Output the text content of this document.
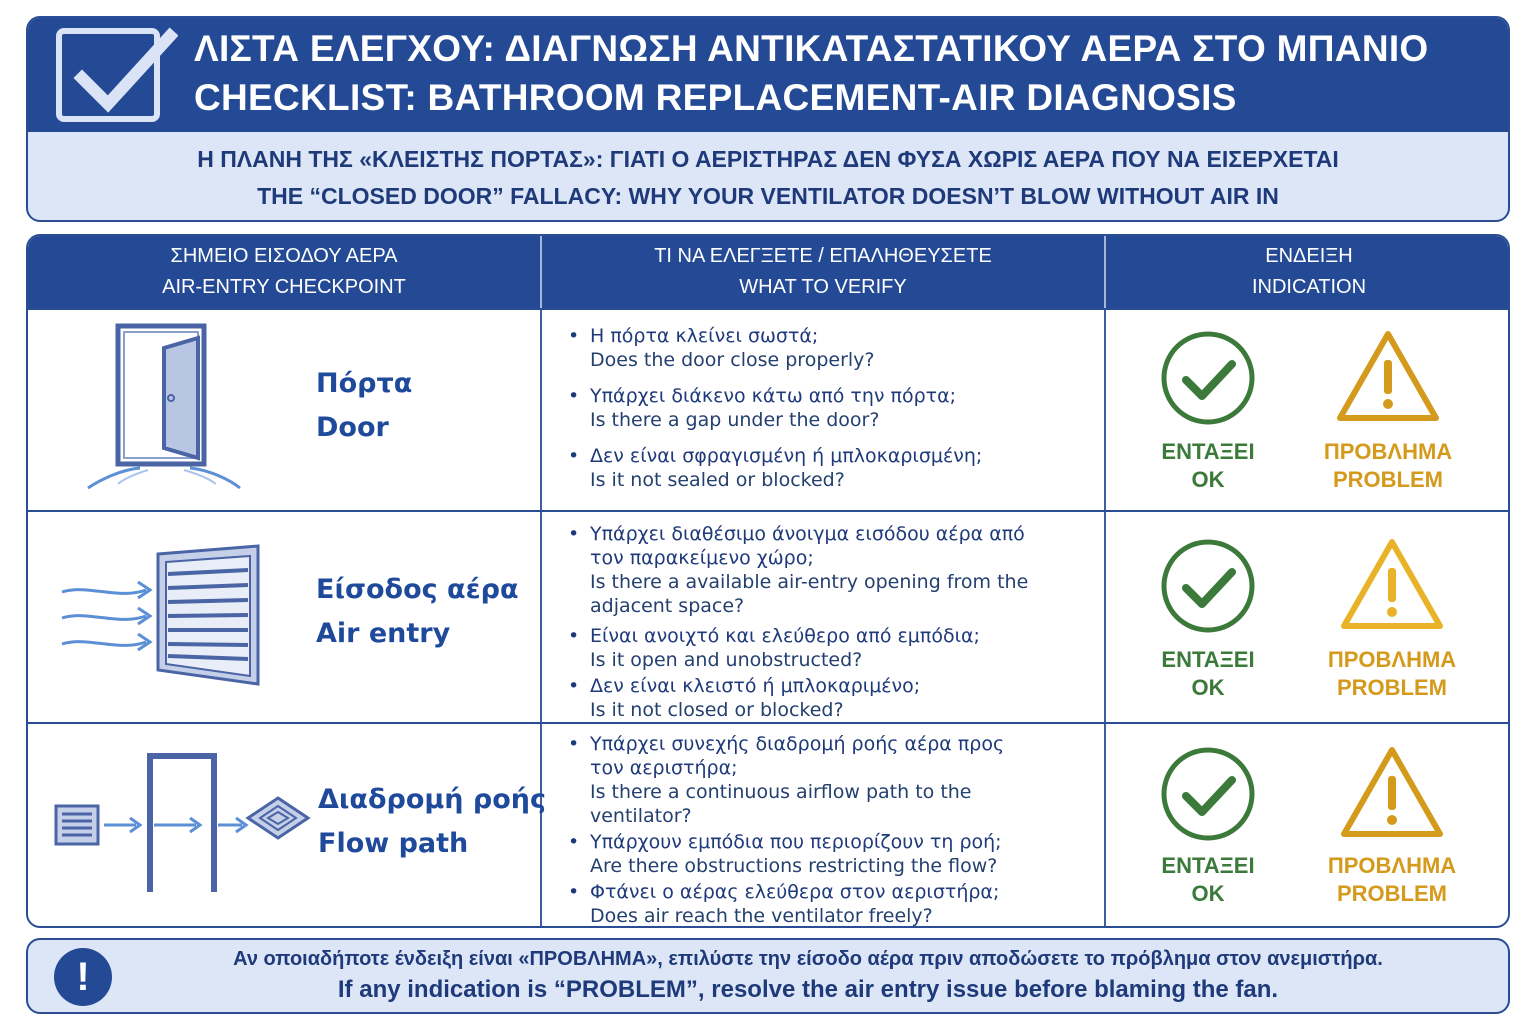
ΛΙΣΤΑ ΕΛΕΓΧΟΥ: ΔΙΑΓΝΩΣΗ ΑΝΤΙΚΑΤΑΣΤΑΤΙΚΟΥ ΑΕΡΑ ΣΤΟ ΜΠΑΝΙΟ
CHECKLIST: BATHROOM REPLACEMENT-AIR DIAGNOSIS
Η ΠΛΑΝΗ ΤΗΣ «ΚΛΕΙΣΤΗΣ ΠΟΡΤΑΣ»: ΓΙΑΤΙ Ο ΑΕΡΙΣΤΗΡΑΣ ΔΕΝ ΦΥΣΑ ΧΩΡΙΣ ΑΕΡΑ ΠΟΥ ΝΑ ΕΙΣΕΡΧΕΤΑΙ
THE “CLOSED DOOR” FALLACY: WHY YOUR VENTILATOR DOESN’T BLOW WITHOUT AIR IN
ΣΗΜΕΙΟ ΕΙΣΟΔΟΥ ΑΕΡΑ
AIR-ENTRY CHECKPOINT
ΤΙ ΝΑ ΕΛΕΓΞΕΤΕ / ΕΠΑΛΗΘΕΥΣΕΤΕ
WHAT TO VERIFY
ΕΝΔΕΙΞΗ
INDICATION
Πόρτα
Door
• Η πόρτα κλείνει σωστά;
Does the door close properly?
• Υπάρχει διάκενο κάτω από την πόρτα;
Is there a gap under the door?
• Δεν είναι σφραγισμένη ή μπλοκαρισμένη;
Is it not sealed or blocked?
ΕΝΤΑΞΕΙ
OK
ΠΡΟΒΛΗΜΑ
PROBLEM
Είσοδος αέρα
Air entry
• Υπάρχει διαθέσιμο άνοιγμα εισόδου αέρα από τον παρακείμενο χώρο;
Is there a available air-entry opening from the adjacent space?
• Είναι ανοιχτό και ελεύθερο από εμπόδια;
Is it open and unobstructed?
• Δεν είναι κλειστό ή μπλοκαριμένο;
Is it not closed or blocked?
ΕΝΤΑΞΕΙ
OK
ΠΡΟΒΛΗΜΑ
PROBLEM
Διαδρομή ροής
Flow path
• Υπάρχει συνεχής διαδρομή ροής αέρα προς τον αεριστήρα;
Is there a continuous airflow path to the ventilator?
• Υπάρχουν εμπόδια που περιορίζουν τη ροή;
Are there obstructions restricting the flow?
• Φτάνει ο αέρας ελεύθερα στον αεριστήρα;
Does air reach the ventilator freely?
ΕΝΤΑΞΕΙ
OK
ΠΡΟΒΛΗΜΑ
PROBLEM
!	Αν οποιαδήποτε ένδειξη είναι «ΠΡΟΒΛΗΜΑ», επιλύστε την είσοδο αέρα πριν αποδώσετε το πρόβλημα στον ανεμιστήρα.
If any indication is “PROBLEM”, resolve the air entry issue before blaming the fan.
